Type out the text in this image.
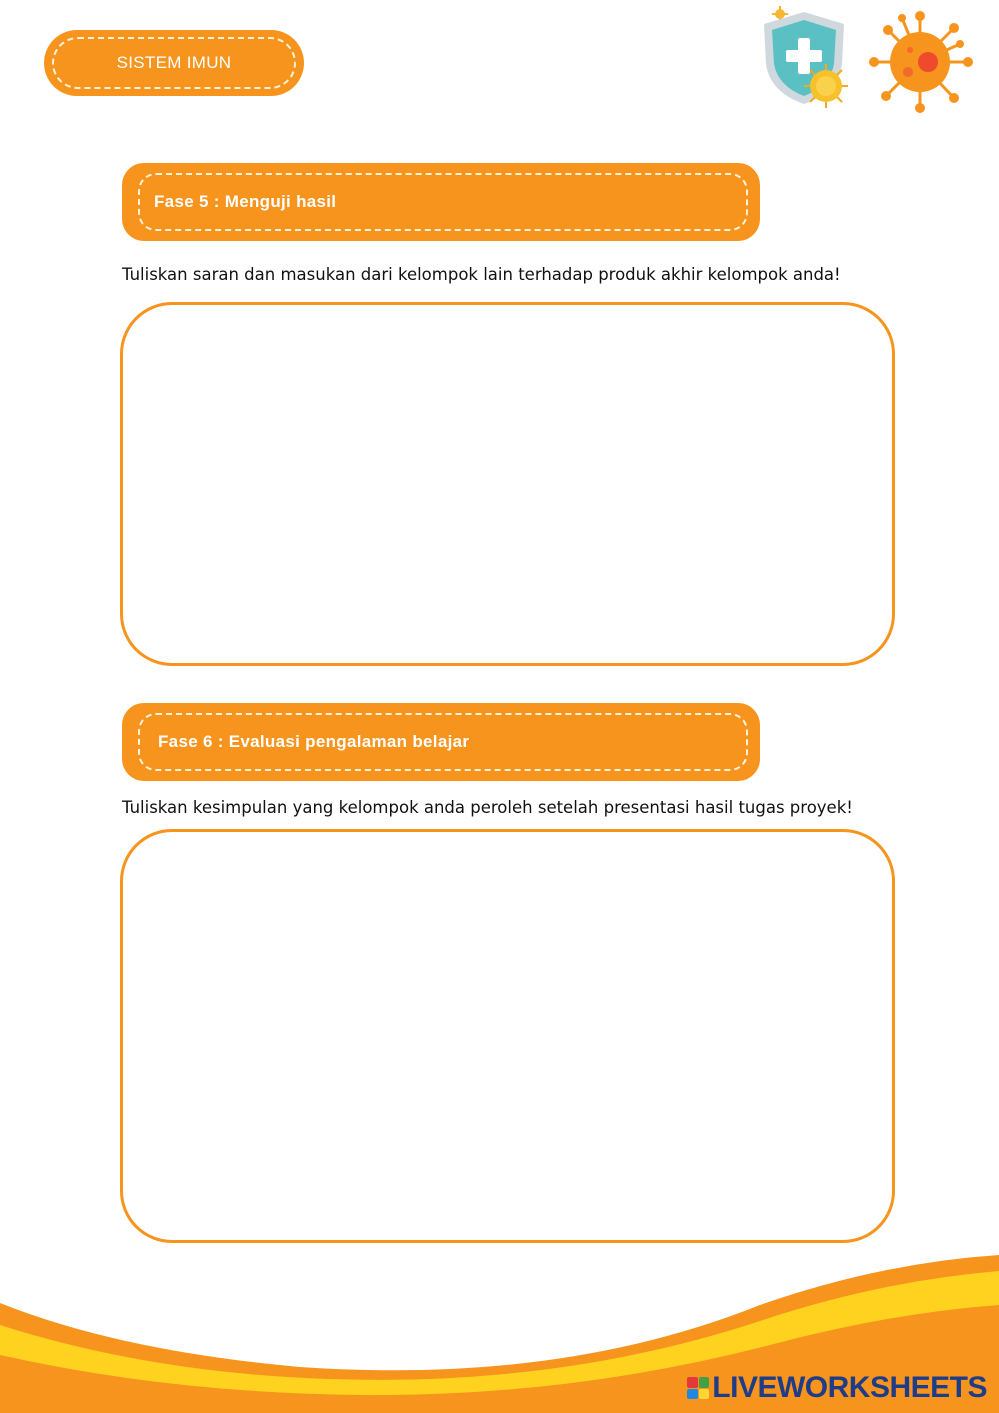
SISTEM IMUN
Fase 5 : Menguji hasil
Tuliskan saran dan masukan dari kelompok lain terhadap produk akhir kelompok anda!
Fase 6 : Evaluasi pengalaman belajar
Tuliskan kesimpulan yang kelompok anda peroleh setelah presentasi hasil tugas proyek!
LIVEWORKSHEETS
